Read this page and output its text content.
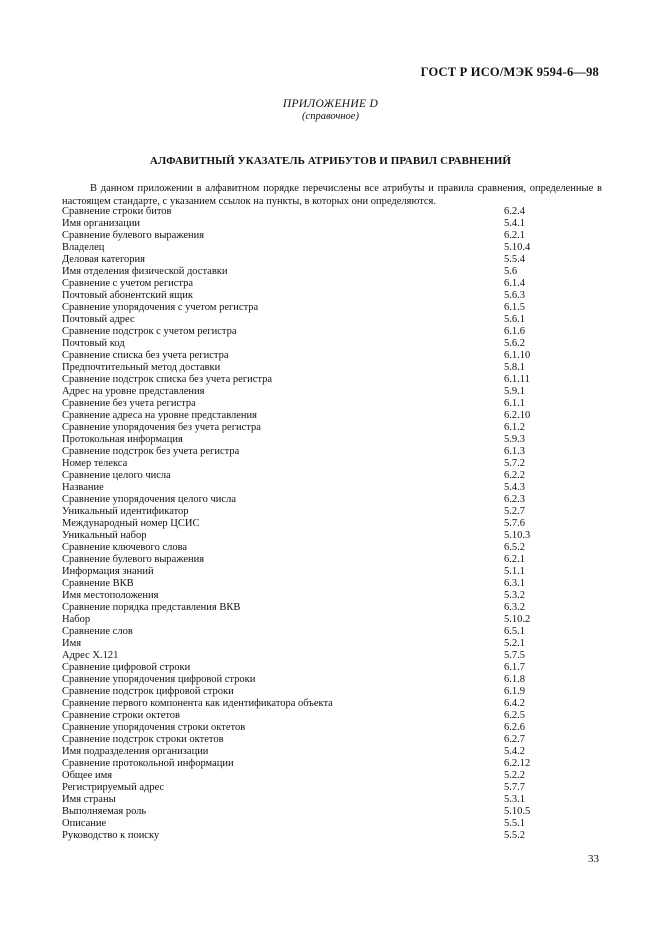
ГОСТ Р ИСО/МЭК 9594-6—98
ПРИЛОЖЕНИЕ D
(справочное)
АЛФАВИТНЫЙ УКАЗАТЕЛЬ АТРИБУТОВ И ПРАВИЛ СРАВНЕНИЙ
В данном приложении в алфавитном порядке перечислены все атрибуты и правила сравнения, определенные в настоящем стандарте, с указанием ссылок на пункты, в которых они определяются.
Сравнение строки битов	6.2.4
Имя организации	5.4.1
Сравнение булевого выражения	6.2.1
Владелец	5.10.4
Деловая категория	5.5.4
Имя отделения физической доставки	5.6
Сравнение с учетом регистра	6.1.4
Почтовый абонентский ящик	5.6.3
Сравнение упорядочения с учетом регистра	6.1.5
Почтовый адрес	5.6.1
Сравнение подстрок с учетом регистра	6.1.6
Почтовый код	5.6.2
Сравнение списка без учета регистра	6.1.10
Предпочтительный метод доставки	5.8.1
Сравнение подстрок списка без учета регистра	6.1.11
Адрес на уровне представления	5.9.1
Сравнение без учета регистра	6.1.1
Сравнение адреса на уровне представления	6.2.10
Сравнение упорядочения без учета регистра	6.1.2
Протокольная информация	5.9.3
Сравнение подстрок без учета регистра	6.1.3
Номер телекса	5.7.2
Сравнение целого числа	6.2.2
Название	5.4.3
Сравнение упорядочения целого числа	6.2.3
Уникальный идентификатор	5.2.7
Международный номер ЦСИС	5.7.6
Уникальный набор	5.10.3
Сравнение ключевого слова	6.5.2
Сравнение булевого выражения	6.2.1
Информация знаний	5.1.1
Сравнение ВКВ	6.3.1
Имя местоположения	5.3.2
Сравнение порядка представления ВКВ	6.3.2
Набор	5.10.2
Сравнение слов	6.5.1
Имя	5.2.1
Адрес X.121	5.7.5
Сравнение цифровой строки	6.1.7
Сравнение упорядочения цифровой строки	6.1.8
Сравнение подстрок цифровой строки	6.1.9
Сравнение первого компонента как идентификатора объекта	6.4.2
Сравнение строки октетов	6.2.5
Сравнение упорядочения строки октетов	6.2.6
Сравнение подстрок строки октетов	6.2.7
Имя подразделения организации	5.4.2
Сравнение протокольной информации	6.2.12
Общее имя	5.2.2
Регистрируемый адрес	5.7.7
Имя страны	5.3.1
Выполняемая роль	5.10.5
Описание	5.5.1
Руководство к поиску	5.5.2
33
